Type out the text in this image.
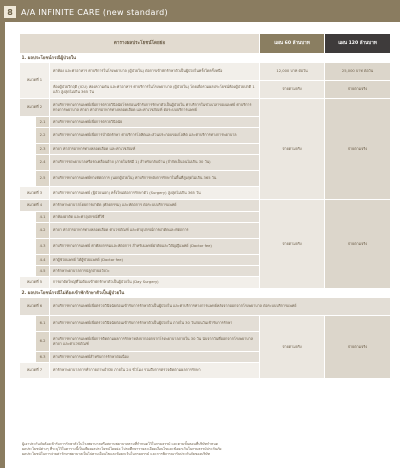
8	A/A INFINITE CARE (new standard)
ตารางผลประโยชน์โดยย่อ			แผน 60 ล้านบาท	แผน 120 ล้านบาท
1. ผลประโยชน์กรณีผู้ป่วยใน				
หมวดที่ 1		ค่าห้อง และค่าอาหาร ค่าบริการในโรงพยาบาล (ผู้ป่วยใน) ต่อการเข้าพักรักษาตัวเป็นผู้ป่วยในครั้งใดครั้งหนึ่ง	12,000 บาท ต่อวัน	25,000 บาท ต่อวัน
		ห้องผู้ป่วยวิกฤติ (ICU) ห่องความดัน และค่าอาหาร ค่าบริการในโรงพยาบาล (ผู้ป่วยใน) โดยเพื่อรวมผลประโยชน์ห้องผู้ป่วยปกติ 1 แล้ว สูงสุดไม่เกิน 365 วัน	จ่ายตามจริง	จ่ายตามจริง
หมวดที่ 2		ค่าบริการทางการแพทย์เพื่อการตรวจวินิจฉัยโรคก่อนเข้ารับการรักษาตัวเป็นผู้ป่วยใน ค่าบริการในช่วงเวลาของแพทย์ ค่าบริการทางการพยาบาล ค่ายา ค่าสารอาหารทางหลอดเลือด และค่าเวชภัณฑ์ ต่อระบบบริการแพทย์	จ่ายตามจริง	จ่ายตามจริง
	2.1	ค่าบริการทางการแพทย์เพื่อการตรวจวินิจฉัย		
	2.2	ค่าบริการทางการแพทย์เพื่อการบำบัดรักษา ค่าบริการโลหิตและส่วนประกอบของโลหิต และค่าบริการทางการพยาบาล		
	2.3	ค่ายา ค่าสารอาหารทางหลอดเลือด และค่าเวชภัณฑ์		
	2.4	ค่าบริการรถพยาบาลหรือรถเคลื่อนย้าย (ภายในรัศมี 1) สำหรับกลับบ้าน (จำกัดเป็นจนไม่เกิน 30 วัน)		
	2.5	ค่าบริการทางการแพทย์ทางหัตถการ (นอกผู้ป่วยใน) ค่าบริการหลังการรักษาในพื้นที่สูงสุดไม่เกิน 365 วัน		
หมวดที่ 3		ค่าบริการทางการแพทย์ (ผู้ป่วยนอก) ครั้งใหม่ต่อการรักษาตัว (Surgery) สูงสุดไม่เกิน 365 วัน		
หมวดที่ 4		ค่ารักษาพยาบาลโดยการผ่าตัด (ศัลยกรรม) และหัตถการ ต่อระบบบริการแพทย์	จ่ายตามจริง	จ่ายตามจริง
	4.1	ค่าห้องผ่าตัด และค่าอุปกรณ์ที่ใช้		
	4.2	ค่ายา ค่าสารอาหารทางหลอดเลือด ค่าเวชภัณฑ์ และค่าอุปกรณ์การผ่าตัดและหัตถการ		
	4.3	ค่าบริการทางการแพทย์ ค่าศัลยกรรมและหัตถการ สำหรับแพทย์ผ่าตัดและวิสัญญีแพทย์ (Doctor fee)		
	4.4	ค่าผู้ช่วยแพทย์ ได้ผู้ช่วยแพทย์ (Doctor fee)		
	4.5	ค่ารักษาพยาบาลการปลูกถ่ายอวัยวะ		
หมวดที่ 5		การผ่าตัดใหญ่ที่ไม่ต้องเข้าพักรักษาตัวเป็นผู้ป่วยใน (Day Surgery)		
2. ผลประโยชน์กรณีไม่ต้องเข้าพักรักษาตัวเป็นผู้ป่วยใน				
หมวดที่ 6		ค่าบริการทางการแพทย์เพื่อตรวจวินิจฉัยก่อนเข้ารับการรักษาตัวเป็นผู้ป่วยใน และค่าบริการทางการแพทย์หลังจากออกจากโรงพยาบาล ต่อระบบบริการแพทย์		
	6.1	ค่าบริการทางการแพทย์เพื่อตรวจวินิจฉัยก่อนเข้ารับการรักษาตัวเป็นผู้ป่วยใน ภายใน 30 วันก่อนวันเข้ารับการรักษา	จ่ายตามจริง	จ่ายตามจริง
	6.2	ค่าบริการทางการแพทย์เพื่อการติดตามผลการรักษาหลังจากออกจากโรงพยาบาลภายใน 30 วัน นับจากวันที่ออกจากโรงพยาบาล ค่ายา และค่าเวชภัณฑ์		
	6.3	ค่าบริการทางการแพทย์สำหรับการรักษาต่อเนื่อง		
หมวดที่ 7		ค่ารักษาพยาบาลการทำกายภาพบำบัด ภายใน 24 ชั่วโมง รวมถึงการตรวจติดตามผลการรักษา		

ผู้เอาประกันภัยต้องเข้ารับการรักษาตัวในโรงพยาบาลหรือสถานพยาบาลตามที่กำหนดไว้ในกรมธรรม์ และตามขั้นตอนที่บริษัทกำหนด

ผลประโยชน์ต่างๆ ที่ระบุไว้ในตารางนี้เป็นเพียงผลประโยชน์โดยย่อ โปรดศึกษารายละเอียดเงื่อนไขและข้อยกเว้นในกรมธรรม์ประกันภัย

ผลประโยชน์ในการจ่ายค่ารักษาพยาบาลเป็นไปตามเงื่อนไขและข้อยกเว้นในกรมธรรม์ และการพิจารณารับประกันภัยของบริษัท
